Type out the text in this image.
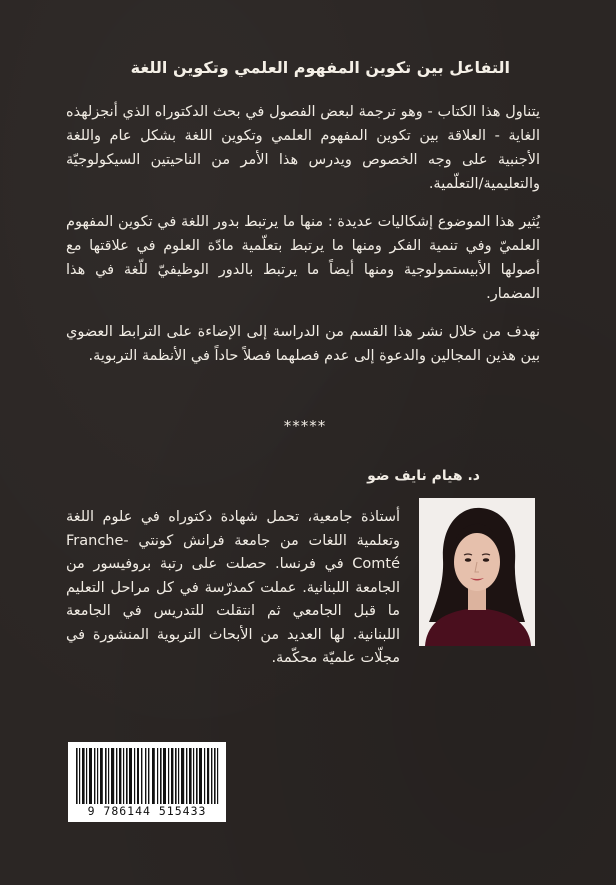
التفاعل بين تكوين المفهوم العلمي وتكوين اللغة

يتناول هذا الكتاب - وهو ترجمة لبعض الفصول في بحث الدكتوراه الذي أنجزلهذه الغاية - العلاقة بين تكوين المفهوم العلمي وتكوين اللغة بشكل عام واللغة الأجنبية على وجه الخصوص ويدرس هذا الأمر من الناحيتين السيكولوجيّة والتعليمية/التعلّمية.

يُثير هذا الموضوع إشكاليات عديدة : منها ما يرتبط بدور اللغة في تكوين المفهوم العلميّ وفي تنمية الفكر ومنها ما يرتبط بتعلّمية مادّة العلوم في علاقتها مع أصولها الأبيستمولوجية ومنها أيضاً ما يرتبط بالدور الوظيفيّ للّغة في هذا المضمار.

نهدف من خلال نشر هذا القسم من الدراسة إلى الإضاءة على الترابط العضوي بين هذين المجالين والدعوة إلى عدم فصلهما فصلاً حاداً في الأنظمة التربوية.

*****
د. هيام نايف ضو

أستاذة جامعية، تحمل شهادة دكتوراه في علوم اللغة وتعلمية اللغات من جامعة فرانش كونتي Franche-Comté في فرنسا. حصلت على رتبة بروفيسور من الجامعة اللبنانية. عملت كمدرّسة في كل مراحل التعليم ما قبل الجامعي ثم انتقلت للتدريس في الجامعة اللبنانية. لها العديد من الأبحاث التربوية المنشورة في مجلّات علميّة محكّمة.

9 786144 515433
